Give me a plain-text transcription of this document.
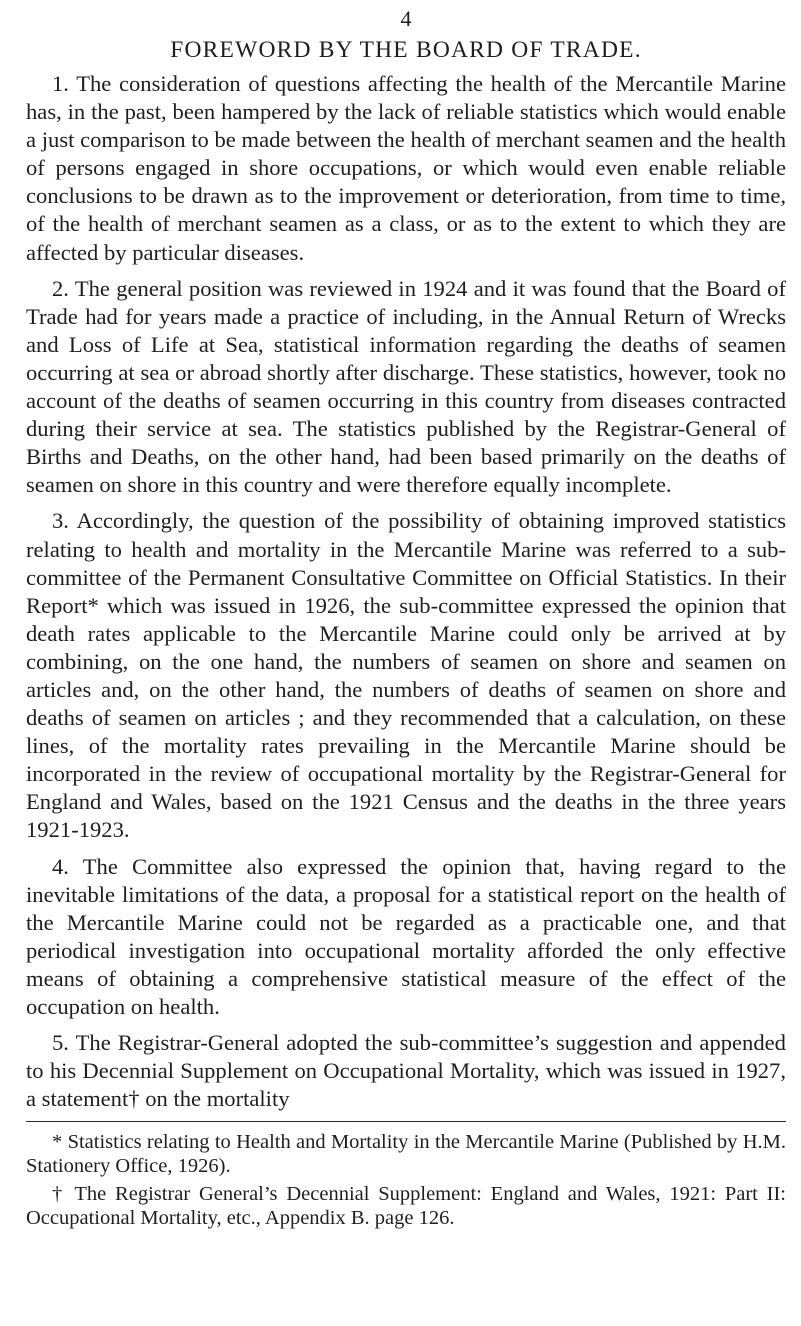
4
FOREWORD BY THE BOARD OF TRADE.

1. The consideration of questions affecting the health of the Mercantile Marine has, in the past, been hampered by the lack of reliable statistics which would enable a just comparison to be made between the health of merchant seamen and the health of persons engaged in shore occupations, or which would even enable reliable conclusions to be drawn as to the improvement or deterioration, from time to time, of the health of merchant seamen as a class, or as to the extent to which they are affected by particular diseases.

2. The general position was reviewed in 1924 and it was found that the Board of Trade had for years made a practice of including, in the Annual Return of Wrecks and Loss of Life at Sea, statistical information regarding the deaths of seamen occurring at sea or abroad shortly after discharge. These statistics, however, took no account of the deaths of seamen occurring in this country from diseases contracted during their service at sea. The statistics published by the Registrar-General of Births and Deaths, on the other hand, had been based primarily on the deaths of seamen on shore in this country and were therefore equally incomplete.

3. Accordingly, the question of the possibility of obtaining improved statistics relating to health and mortality in the Mercantile Marine was referred to a sub-committee of the Permanent Consultative Committee on Official Statistics. In their Report* which was issued in 1926, the sub-committee expressed the opinion that death rates applicable to the Mercantile Marine could only be arrived at by combining, on the one hand, the numbers of seamen on shore and seamen on articles and, on the other hand, the numbers of deaths of seamen on shore and deaths of seamen on articles ; and they recommended that a calculation, on these lines, of the mortality rates prevailing in the Mercantile Marine should be incorporated in the review of occupational mortality by the Registrar-General for England and Wales, based on the 1921 Census and the deaths in the three years 1921-1923.

4. The Committee also expressed the opinion that, having regard to the inevitable limitations of the data, a proposal for a statistical report on the health of the Mercantile Marine could not be regarded as a practicable one, and that periodical investigation into occupational mortality afforded the only effective means of obtaining a comprehensive statistical measure of the effect of the occupation on health.

5. The Registrar-General adopted the sub-committee’s suggestion and appended to his Decennial Supplement on Occupational Mortality, which was issued in 1927, a statement† on the mortality

* Statistics relating to Health and Mortality in the Mercantile Marine (Published by H.M. Stationery Office, 1926).

† The Registrar General’s Decennial Supplement: England and Wales, 1921: Part II: Occupational Mortality, etc., Appendix B. page 126.
